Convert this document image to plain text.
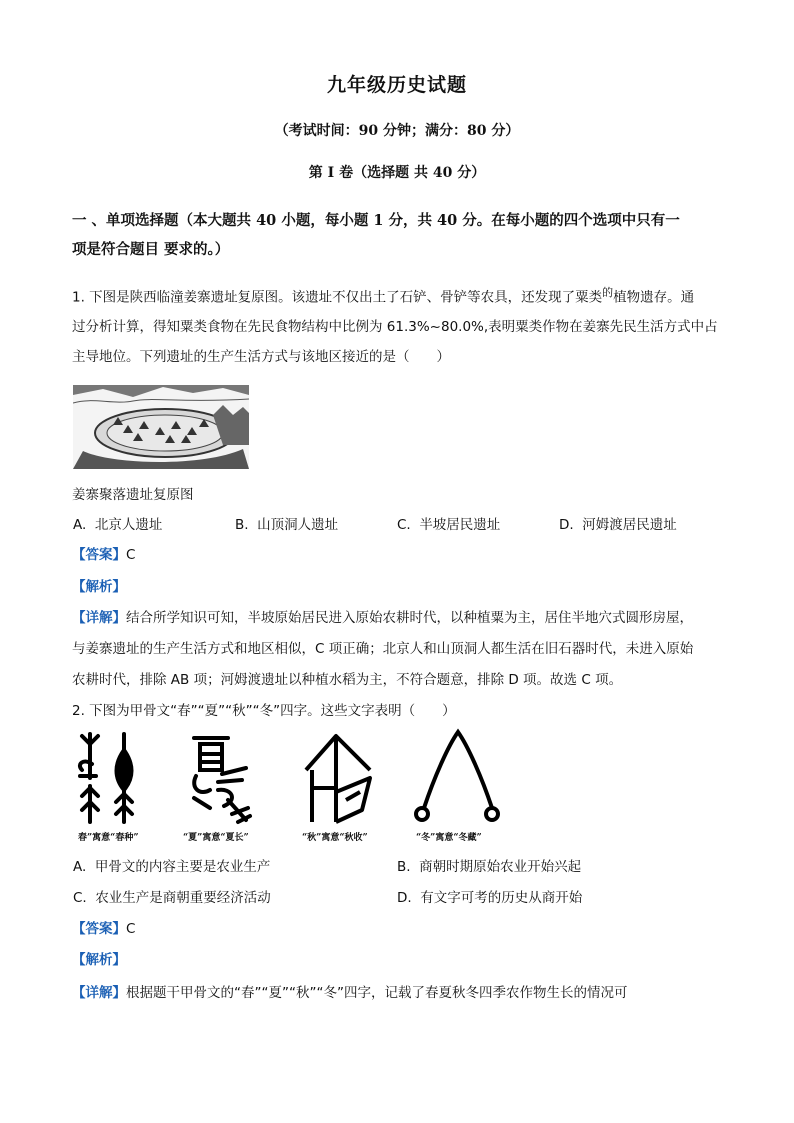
九年级历史试题
（考试时间：90 分钟；满分：80 分）
第 Ⅰ 卷（选择题 共 40 分）
一 、单项选择题（本大题共 40 小题，每小题 1 分，共 40 分。在每小题的四个选项中只有一
项是符合题目 要求的。）
1. 下图是陕西临潼姜寨遗址复原图。该遗址不仅出土了石铲、骨铲等农具，还发现了粟类$^的$植物遗存。通
过分析计算，得知粟类食物在先民食物结构中比例为 61.3%~80.0%,表明粟类作物在姜寨先民生活方式中占
主导地位。下列遗址的生产生活方式与该地区接近的是（　　）
姜寨聚落遗址复原图
A. 北京人遗址	B. 山顶洞人遗址	C. 半坡居民遗址	D. 河姆渡居民遗址
【答案】C
【解析】
【详解】结合所学知识可知，半坡原始居民进入原始农耕时代，以种植粟为主，居住半地穴式圆形房屋，
与姜寨遗址的生产生活方式和地区相似，C 项正确；北京人和山顶洞人都生活在旧石器时代，未进入原始
农耕时代，排除 AB 项；河姆渡遗址以种植水稻为主，不符合题意，排除 D 项。故选 C 项。
2. 下图为甲骨文“春”“夏”“秋”“冬”四字。这些文字表明（　　）
春”寓意“春种”	“夏”寓意“夏长”	“秋”寓意“秋收”	“冬”寓意“冬藏”
A. 甲骨文的内容主要是农业生产	B. 商朝时期原始农业开始兴起
C. 农业生产是商朝重要经济活动	D. 有文字可考的历史从商开始
【答案】C
【解析】
【详解】根据题干甲骨文的“春”“夏”“秋”“冬”四字，记载了春夏秋冬四季农作物生长的情况可
